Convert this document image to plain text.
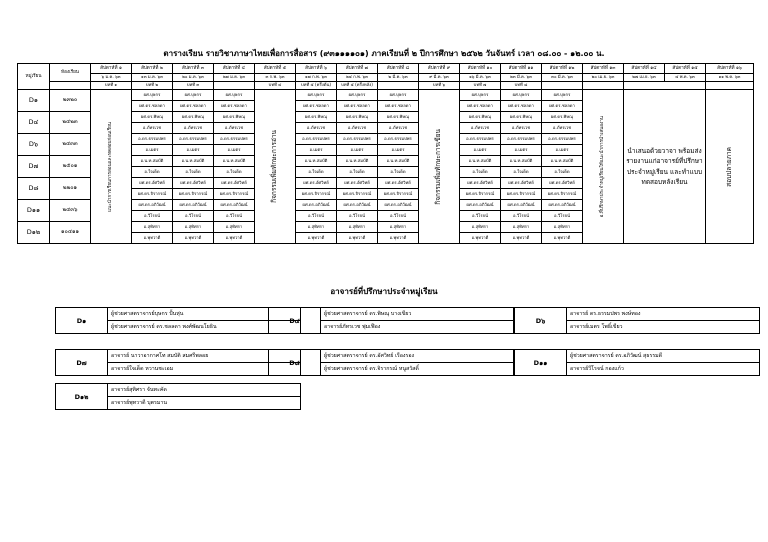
ตารางเรียน รายวิชาภาษาไทยเพื่อการสื่อสาร (๙๓๑๑๑๑๐๑) ภาคเรียนที่ ๒ ปีการศึกษา ๒๕๖๒ วันจันทร์ เวลา ๐๘.๐๐ - ๑๒.๐๐ น.
หมู่เรียน	ห้องเรียน	สัปดาห์ที่ ๑	สัปดาห์ที่ ๒	สัปดาห์ที่ ๓	สัปดาห์ที่ ๔	สัปดาห์ที่ ๕	สัปดาห์ที่ ๖	สัปดาห์ที่ ๗	สัปดาห์ที่ ๘	สัปดาห์ที่ ๙	สัปดาห์ที่ ๑๐	สัปดาห์ที่ ๑๑	สัปดาห์ที่ ๑๒	สัปดาห์ที่ ๑๓	สัปดาห์ที่ ๑๔	สัปดาห์ที่ ๑๕	สัปดาห์ที่ ๑๖
		๖ ม.ค. ๖๓	๑๓ ม.ค. ๖๓	๒๐ ม.ค. ๖๓	๒๗ ม.ค. ๖๓	๓ ก.พ. ๖๓	๑๗ ก.พ. ๖๓	๒๔ ก.พ. ๖๓	๒ มี.ค. ๖๓	๙ มี.ค. ๖๓	๑๖ มี.ค. ๖๓	๒๓ มี.ค. ๖๓	๓๐ มี.ค. ๖๓	๒๐ เม.ย. ๖๓	๒๗ เม.ย. ๖๓	๔ พ.ค. ๖๓	๑๑ พ.ค. ๖๓
		บทที่ ๑	บทที่ ๒	บทที่ ๓		บทที่ ๔	บทที่ ๕ (ครึ่งต้น)	บทที่ ๕ (ครึ่งหลัง)		บทที่ ๖	บทที่ ๗	บทที่ ๘					
D๑	๒๓๒๐	แนะนำการเรียนการสอนและทดสอบก่อนเรียน	ผศ.บุษกร	ผศ.บุษกร	ผศ.บุษกร	กิจกรรมเพิ่มทักษะการอ่าน	ผศ.บุษกร	ผศ.บุษกร	ผศ.บุษกร	กิจกรรมเพิ่มทักษะการเขียน	ผศ.บุษกร	ผศ.บุษกร	ผศ.บุษกร	อ.ที่ปรึกษาประจำหมู่เรียนให้แนะนำการนำเสนองาน	นำเสนอด้วยวาจา พร้อมส่งรายงานแก่อาจารย์ที่ปรึกษาประจำหมู่เรียน และทำแบบทดสอบหลังเรียน		สอบปลายภาค

			ผศ.ดร.ชลลดา	ผศ.ดร.ชลลดา	ผศ.ดร.ชลลดา		ผศ.ดร.ชลลดา	ผศ.ดร.ชลลดา	ผศ.ดร.ชลลดา		ผศ.ดร.ชลลดา	ผศ.ดร.ชลลดา	ผศ.ดร.ชลลดา				
D๔	๒๔๒๓		ผศ.ดร.พิษณุ	ผศ.ดร.พิษณุ	ผศ.ดร.พิษณุ		ผศ.ดร.พิษณุ	ผศ.ดร.พิษณุ	ผศ.ดร.พิษณุ		ผศ.ดร.พิษณุ	ผศ.ดร.พิษณุ	ผศ.ดร.พิษณุ				
			อ.ภัทรเวช	อ.ภัทรเวช	อ.ภัทรเวช		อ.ภัทรเวช	อ.ภัทรเวช	อ.ภัทรเวช		อ.ภัทรเวช	อ.ภัทรเวช	อ.ภัทรเวช				
D๖	๒๔๓๓		อ.ดร.ธรรมปพร	อ.ดร.ธรรมปพร	อ.ดร.ธรรมปพร		อ.ดร.ธรรมปพร	อ.ดร.ธรรมปพร	อ.ดร.ธรรมปพร		อ.ดร.ธรรมปพร	อ.ดร.ธรรมปพร	อ.ดร.ธรรมปพร				
			อ.เมตร	อ.เมตร	อ.เมตร		อ.เมตร	อ.เมตร	อ.เมตร		อ.เมตร	อ.เมตร	อ.เมตร				
D๗	๒๕๐๑		อ.น.ท.สมบัติ	อ.น.ท.สมบัติ	อ.น.ท.สมบัติ		อ.น.ท.สมบัติ	อ.น.ท.สมบัติ	อ.น.ท.สมบัติ		อ.น.ท.สมบัติ	อ.น.ท.สมบัติ	อ.น.ท.สมบัติ				
			อ.ใจเด็ด	อ.ใจเด็ด	อ.ใจเด็ด		อ.ใจเด็ด	อ.ใจเด็ด	อ.ใจเด็ด		อ.ใจเด็ด	อ.ใจเด็ด	อ.ใจเด็ด				
D๘	๒๒๐๑		ผศ.ดร.อัศวิทย์	ผศ.ดร.อัศวิทย์	ผศ.ดร.อัศวิทย์		ผศ.ดร.อัศวิทย์	ผศ.ดร.อัศวิทย์	ผศ.ดร.อัศวิทย์		ผศ.ดร.อัศวิทย์	ผศ.ดร.อัศวิทย์	ผศ.ดร.อัศวิทย์				
			ผศ.ดร.จิรากรณ์	ผศ.ดร.จิรากรณ์	ผศ.ดร.จิรากรณ์		ผศ.ดร.จิรากรณ์	ผศ.ดร.จิรากรณ์	ผศ.ดร.จิรากรณ์		ผศ.ดร.จิรากรณ์	ผศ.ดร.จิรากรณ์	ผศ.ดร.จิรากรณ์				
D๑๑	๒๔๓๖		ผศ.ดร.อภิวัฒน์	ผศ.ดร.อภิวัฒน์	ผศ.ดร.อภิวัฒน์		ผศ.ดร.อภิวัฒน์	ผศ.ดร.อภิวัฒน์	ผศ.ดร.อภิวัฒน์		ผศ.ดร.อภิวัฒน์	ผศ.ดร.อภิวัฒน์	ผศ.ดร.อภิวัฒน์				
			อ.วีโรจน์	อ.วีโรจน์	อ.วีโรจน์		อ.วีโรจน์	อ.วีโรจน์	อ.วีโรจน์		อ.วีโรจน์	อ.วีโรจน์	อ.วีโรจน์				
D๑๒	๑๐๔๑๑		อ.สุทิศรา	อ.สุทิศรา	อ.สุทิศรา		อ.สุทิศรา	อ.สุทิศรา	อ.สุทิศรา		อ.สุทิศรา	อ.สุทิศรา	อ.สุทิศรา				
			อ.พุทวาดี	อ.พุทวาดี	อ.พุทวาดี		อ.พุทวาดี	อ.พุทวาดี	อ.พุทวาดี		อ.พุทวาดี	อ.พุทวาดี	อ.พุทวาดี				
อาจารย์ที่ปรึกษาประจำหมู่เรียน
D๑	ผู้ช่วยศาสตราจารย์บุษกร ปั้นหุ่น
ผู้ช่วยศาสตราจารย์ ดร.ชลลดา พงศ์พัฒนโยธิน
D๔	ผู้ช่วยศาสตราจารย์ ดร.พิษณุ บางเขียว
อาจารย์ภัทรเวช พุ่มเฟือง
D๖	อาจารย์ ดร.ธรรมปพร พงษ์ทอง
อาจารย์เมตร โพธิ์เขียว
D๗	อาจารย์ นาวาอากาศโท สมบัติ สมศรีพลอย
อาจารย์ใจเด็ด หวานชะเอม
D๘	ผู้ช่วยศาสตราจารย์ ดร.อัศวิทย์ เรืองรอง
ผู้ช่วยศาสตราจารย์ ดร.จิรากรณ์ หนูสวัสดิ์
D๑๑	ผู้ช่วยศาสตราจารย์ ดร.อภิวัฒน์ สุธรรมดี
อาจารย์วีโรจน์ กองแก้ว
D๑๒	อาจารย์สุทิศรา จันทะคัด
อาจารย์พุทวาดี บุตรมาน
